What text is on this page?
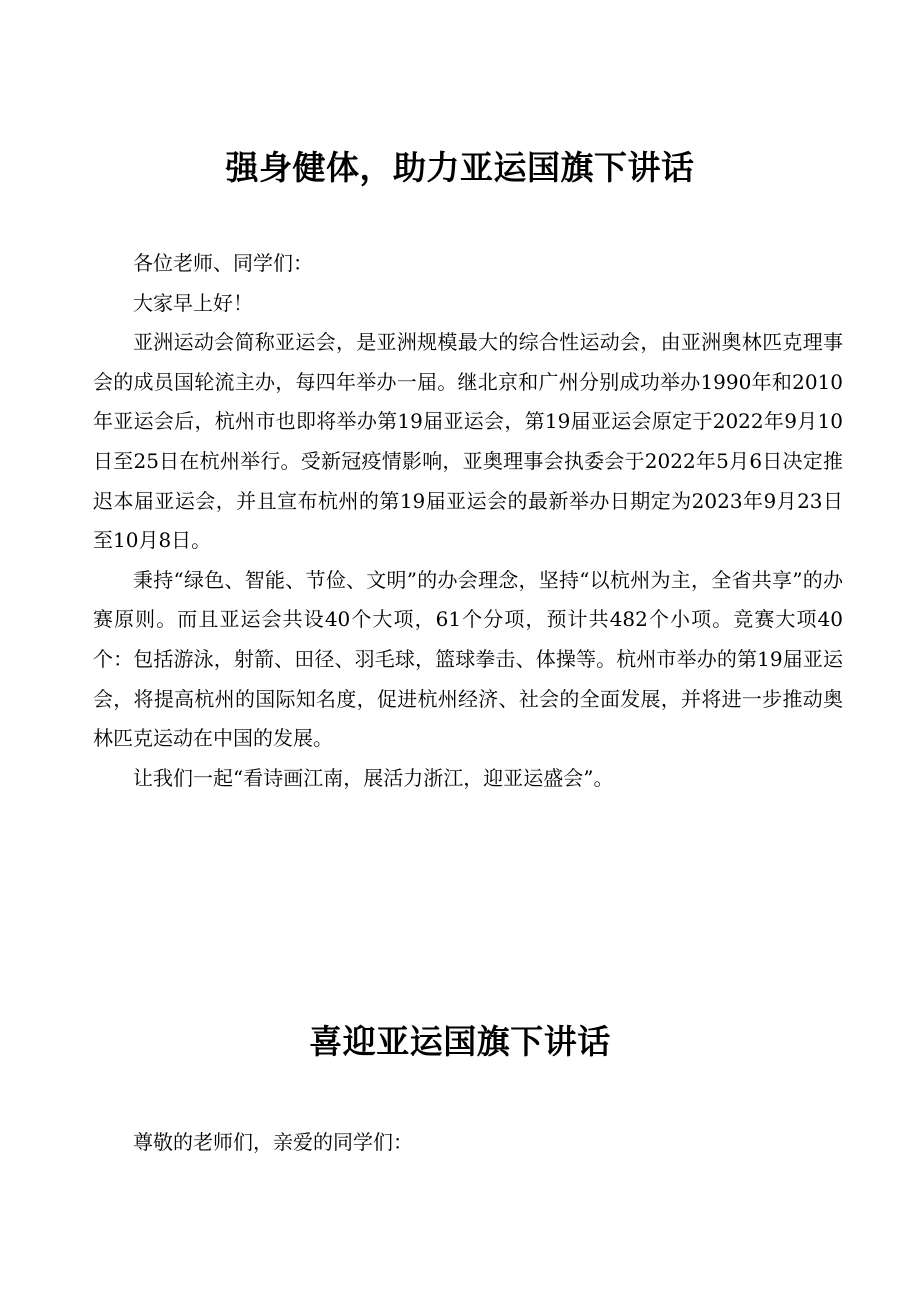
强身健体，助力亚运国旗下讲话

各位老师、同学们：

大家早上好！

亚洲运动会简称亚运会，是亚洲规模最大的综合性运动会，由亚洲奥林匹克理事会的成员国轮流主办，每四年举办一届。继北京和广州分别成功举办1990年和2010年亚运会后，杭州市也即将举办第19届亚运会，第19届亚运会原定于2022年9月10日至25日在杭州举行。受新冠疫情影响，亚奥理事会执委会于2022年5月6日决定推迟本届亚运会，并且宣布杭州的第19届亚运会的最新举办日期定为2023年9月23日至10月8日。

秉持“绿色、智能、节俭、文明”的办会理念，坚持“以杭州为主，全省共享”的办赛原则。而且亚运会共设40个大项，61个分项，预计共482个小项。竞赛大项40个：包括游泳，射箭、田径、羽毛球，篮球拳击、体操等。杭州市举办的第19届亚运会，将提高杭州的国际知名度，促进杭州经济、社会的全面发展，并将进一步推动奥林匹克运动在中国的发展。

让我们一起“看诗画江南，展活力浙江，迎亚运盛会”。

喜迎亚运国旗下讲话

尊敬的老师们，亲爱的同学们：
